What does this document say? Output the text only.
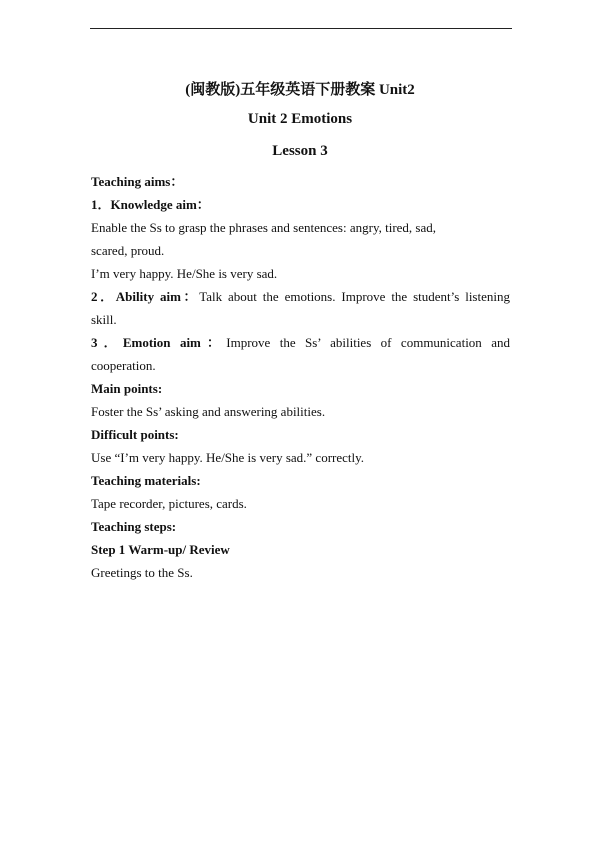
(闽教版)五年级英语下册教案 Unit2
Unit 2 Emotions
Lesson 3
Teaching aims：
1．Knowledge aim：
Enable the Ss to grasp the phrases and sentences: angry, tired, sad,
scared, proud.
I’m very happy. He/She is very sad.
2．Ability aim：Talk about the emotions. Improve the student’s listening
skill.
3．Emotion aim：Improve the Ss’ abilities of communication and
cooperation.
Main points:
Foster the Ss’ asking and answering abilities.
Difficult points:
Use “I’m very happy. He/She is very sad.” correctly.
Teaching materials:
Tape recorder, pictures, cards.
Teaching steps:
Step 1 Warm-up/ Review
Greetings to the Ss.
